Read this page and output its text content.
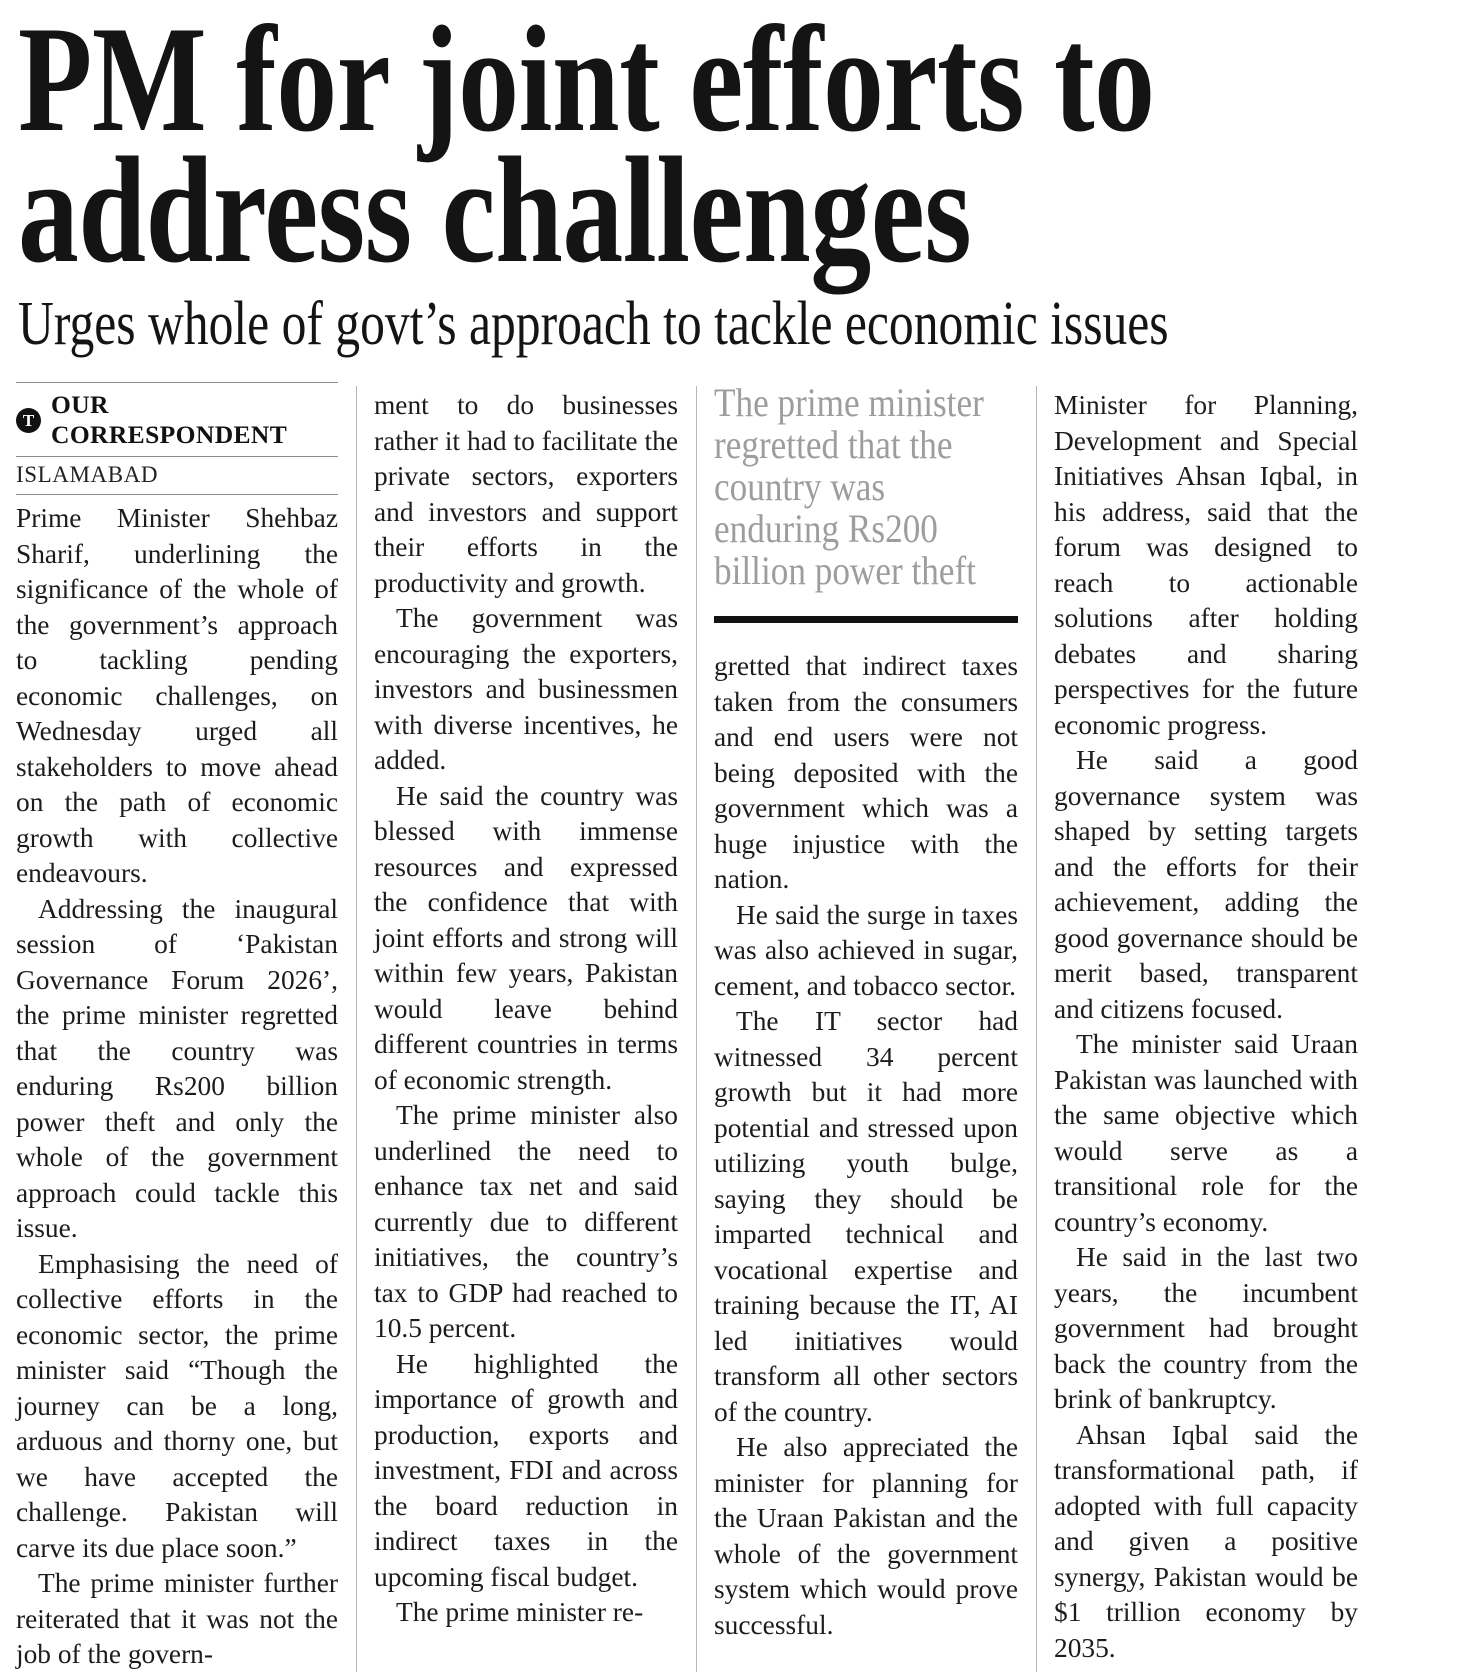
PM for joint efforts to
address challenges
Urges whole of govt’s approach to tackle economic issues
T
OUR CORRESPONDENT
ISLAMABAD

Prime Minister Shehbaz Sharif, underlining the significance of the whole of the government’s approach to tackling pending economic challenges, on Wednesday urged all stakeholders to move ahead on the path of economic growth with collective endeavours.

Addressing the inaugural session of ‘Pakistan Governance Forum 2026’, the prime minister regretted that the country was enduring Rs200 billion power theft and only the whole of the government approach could tackle this issue.

Emphasising the need of collective efforts in the economic sector, the prime minister said “Though the journey can be a long, arduous and thorny one, but we have accepted the challenge. Pakistan will carve its due place soon.”

The prime minister further reiterated that it was not the job of the govern-

ment to do businesses rather it had to facilitate the private sectors, exporters and investors and support their efforts in the productivity and growth.

The government was encouraging the exporters, investors and businessmen with diverse incentives, he added.

He said the country was blessed with immense resources and expressed the confidence that with joint efforts and strong will within few years, Pakistan would leave behind different countries in terms of economic strength.

The prime minister also underlined the need to enhance tax net and said currently due to different initiatives, the country’s tax to GDP had reached to 10.5 percent.

He highlighted the importance of growth and production, exports and investment, FDI and across the board reduction in indirect taxes in the upcoming fiscal budget.

The prime minister re-

The prime minister regretted that the country was enduring Rs200 billion power theft

gretted that indirect taxes taken from the consumers and end users were not being deposited with the government which was a huge injustice with the nation.

He said the surge in taxes was also achieved in sugar, cement, and tobacco sector.

The IT sector had witnessed 34 percent growth but it had more potential and stressed upon utilizing youth bulge, saying they should be imparted technical and vocational expertise and training because the IT, AI led initiatives would transform all other sectors of the country.

He also appreciated the minister for planning for the Uraan Pakistan and the whole of the government system which would prove successful.

Minister for Planning, Development and Special Initiatives Ahsan Iqbal, in his address, said that the forum was designed to reach to actionable solutions after holding debates and sharing perspectives for the future economic progress.

He said a good governance system was shaped by setting targets and the efforts for their achievement, adding the good governance should be merit based, transparent and citizens focused.

The minister said Uraan Pakistan was launched with the same objective which would serve as a transitional role for the country’s economy.

He said in the last two years, the incumbent government had brought back the country from the brink of bankruptcy.

Ahsan Iqbal said the transformational path, if adopted with full capacity and given a positive synergy, Pakistan would be $1 trillion economy by 2035.
